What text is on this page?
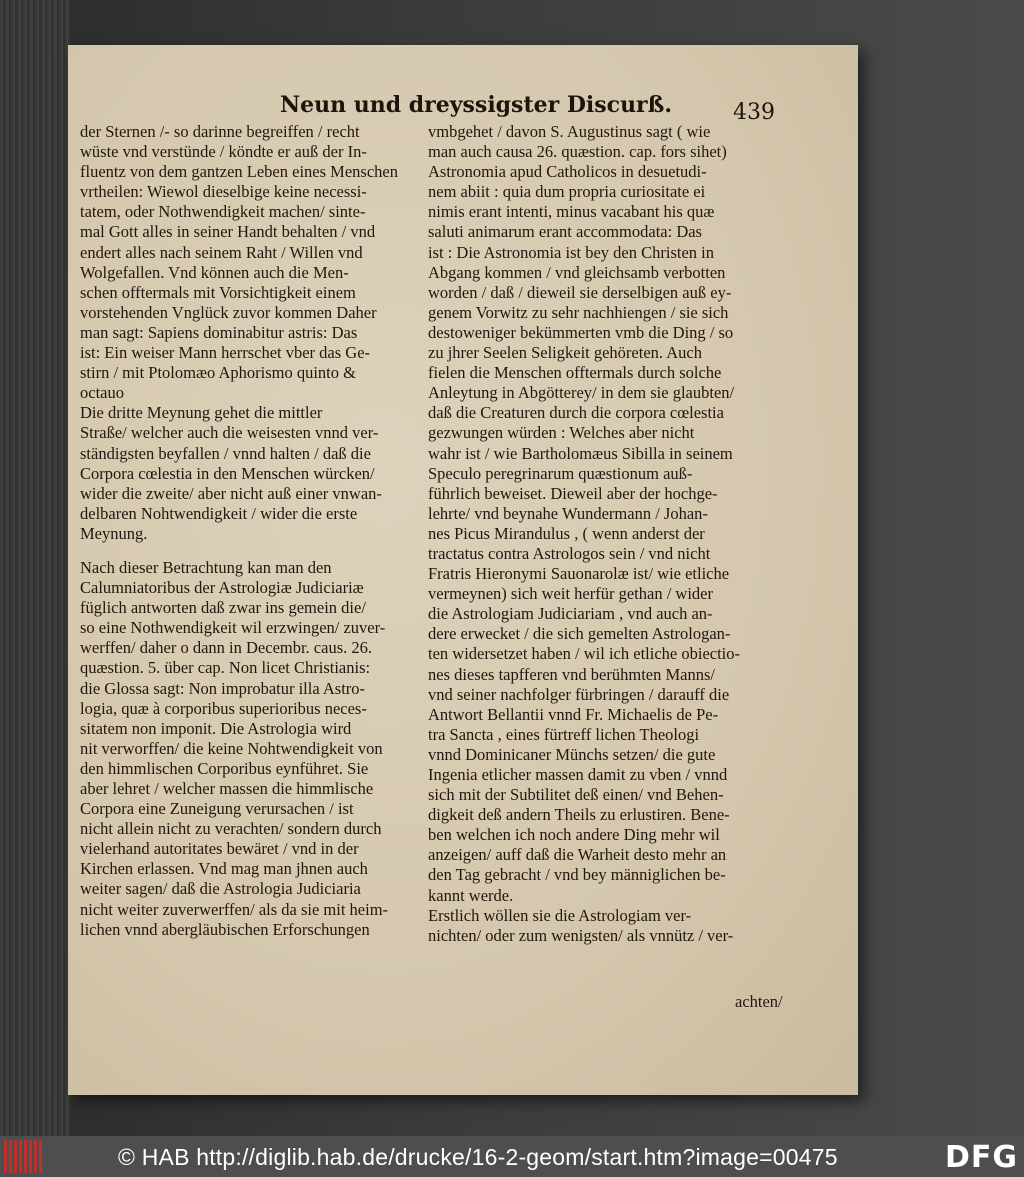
Neun und dreyssigster Discurß.	439
der Sternen /- so darinne begreiffen / recht
wüste vnd verstünde / köndte er auß der In-
fluentz von dem gantzen Leben eines Menschen
vrtheilen: Wiewol dieselbige keine necessi-
tatem, oder Nothwendigkeit machen/ sinte-
mal Gott alles in seiner Handt behalten / vnd
endert alles nach seinem Raht / Willen vnd
Wolgefallen. Vnd können auch die Men-
schen offtermals mit Vorsichtigkeit einem
vorstehenden Vnglück zuvor kommen Daher
man sagt: Sapiens dominabitur astris: Das
ist: Ein weiser Mann herrschet vber das Ge-
stirn / mit Ptolomæo Aphorismo quinto &
octauo
Die dritte Meynung gehet die mittler
Straße/ welcher auch die weisesten vnnd ver-
ständigsten beyfallen / vnnd halten / daß die
Corpora cœlestia in den Menschen würcken/
wider die zweite/ aber nicht auß einer vnwan-
delbaren Nohtwendigkeit / wider die erste
Meynung.
Nach dieser Betrachtung kan man den
Calumniatoribus der Astrologiæ Judiciariæ
füglich antworten daß zwar ins gemein die/
so eine Nothwendigkeit wil erzwingen/ zuver-
werffen/ daher o dann in Decembr. caus. 26.
quæstion. 5. über cap. Non licet Christianis:
die Glossa sagt: Non improbatur illa Astro-
logia, quæ à corporibus superioribus neces-
sitatem non imponit. Die Astrologia wird
nit verworffen/ die keine Nohtwendigkeit von
den himmlischen Corporibus eynführet. Sie
aber lehret / welcher massen die himmlische
Corpora eine Zuneigung verursachen / ist
nicht allein nicht zu verachten/ sondern durch
vielerhand autoritates bewäret / vnd in der
Kirchen erlassen. Vnd mag man jhnen auch
weiter sagen/ daß die Astrologia Judiciaria
nicht weiter zuverwerffen/ als da sie mit heim-
lichen vnnd abergläubischen Erforschungen
vmbgehet / davon S. Augustinus sagt ( wie
man auch causa 26. quæstion. cap. fors sihet)
Astronomia apud Catholicos in desuetudi-
nem abiit : quia dum propria curiositate ei
nimis erant intenti, minus vacabant his quæ
saluti animarum erant accommodata: Das
ist : Die Astronomia ist bey den Christen in
Abgang kommen / vnd gleichsamb verbotten
worden / daß / dieweil sie derselbigen auß ey-
genem Vorwitz zu sehr nachhiengen / sie sich
destoweniger bekümmerten vmb die Ding / so
zu jhrer Seelen Seligkeit gehöreten. Auch
fielen die Menschen offtermals durch solche
Anleytung in Abgötterey/ in dem sie glaubten/
daß die Creaturen durch die corpora cœlestia
gezwungen würden : Welches aber nicht
wahr ist / wie Bartholomæus Sibilla in seinem
Speculo peregrinarum quæstionum auß-
führlich beweiset. Dieweil aber der hochge-
lehrte/ vnd beynahe Wundermann / Johan-
nes Picus Mirandulus , ( wenn anderst der
tractatus contra Astrologos sein / vnd nicht
Fratris Hieronymi Sauonarolæ ist/ wie etliche
vermeynen) sich weit herfür gethan / wider
die Astrologiam Judiciariam , vnd auch an-
dere erwecket / die sich gemelten Astrologan-
ten widersetzet haben / wil ich etliche obiectio-
nes dieses tapfferen vnd berühmten Manns/
vnd seiner nachfolger fürbringen / darauff die
Antwort Bellantii vnnd Fr. Michaelis de Pe-
tra Sancta , eines fürtreff lichen Theologi
vnnd Dominicaner Münchs setzen/ die gute
Ingenia etlicher massen damit zu vben / vnnd
sich mit der Subtilitet deß einen/ vnd Behen-
digkeit deß andern Theils zu erlustiren. Bene-
ben welchen ich noch andere Ding mehr wil
anzeigen/ auff daß die Warheit desto mehr an
den Tag gebracht / vnd bey männiglichen be-
kannt werde.
Erstlich wöllen sie die Astrologiam ver-
nichten/ oder zum wenigsten/ als vnnütz / ver-
achten/
© HAB http://diglib.hab.de/drucke/16-2-geom/start.htm?image=00475	DFG
